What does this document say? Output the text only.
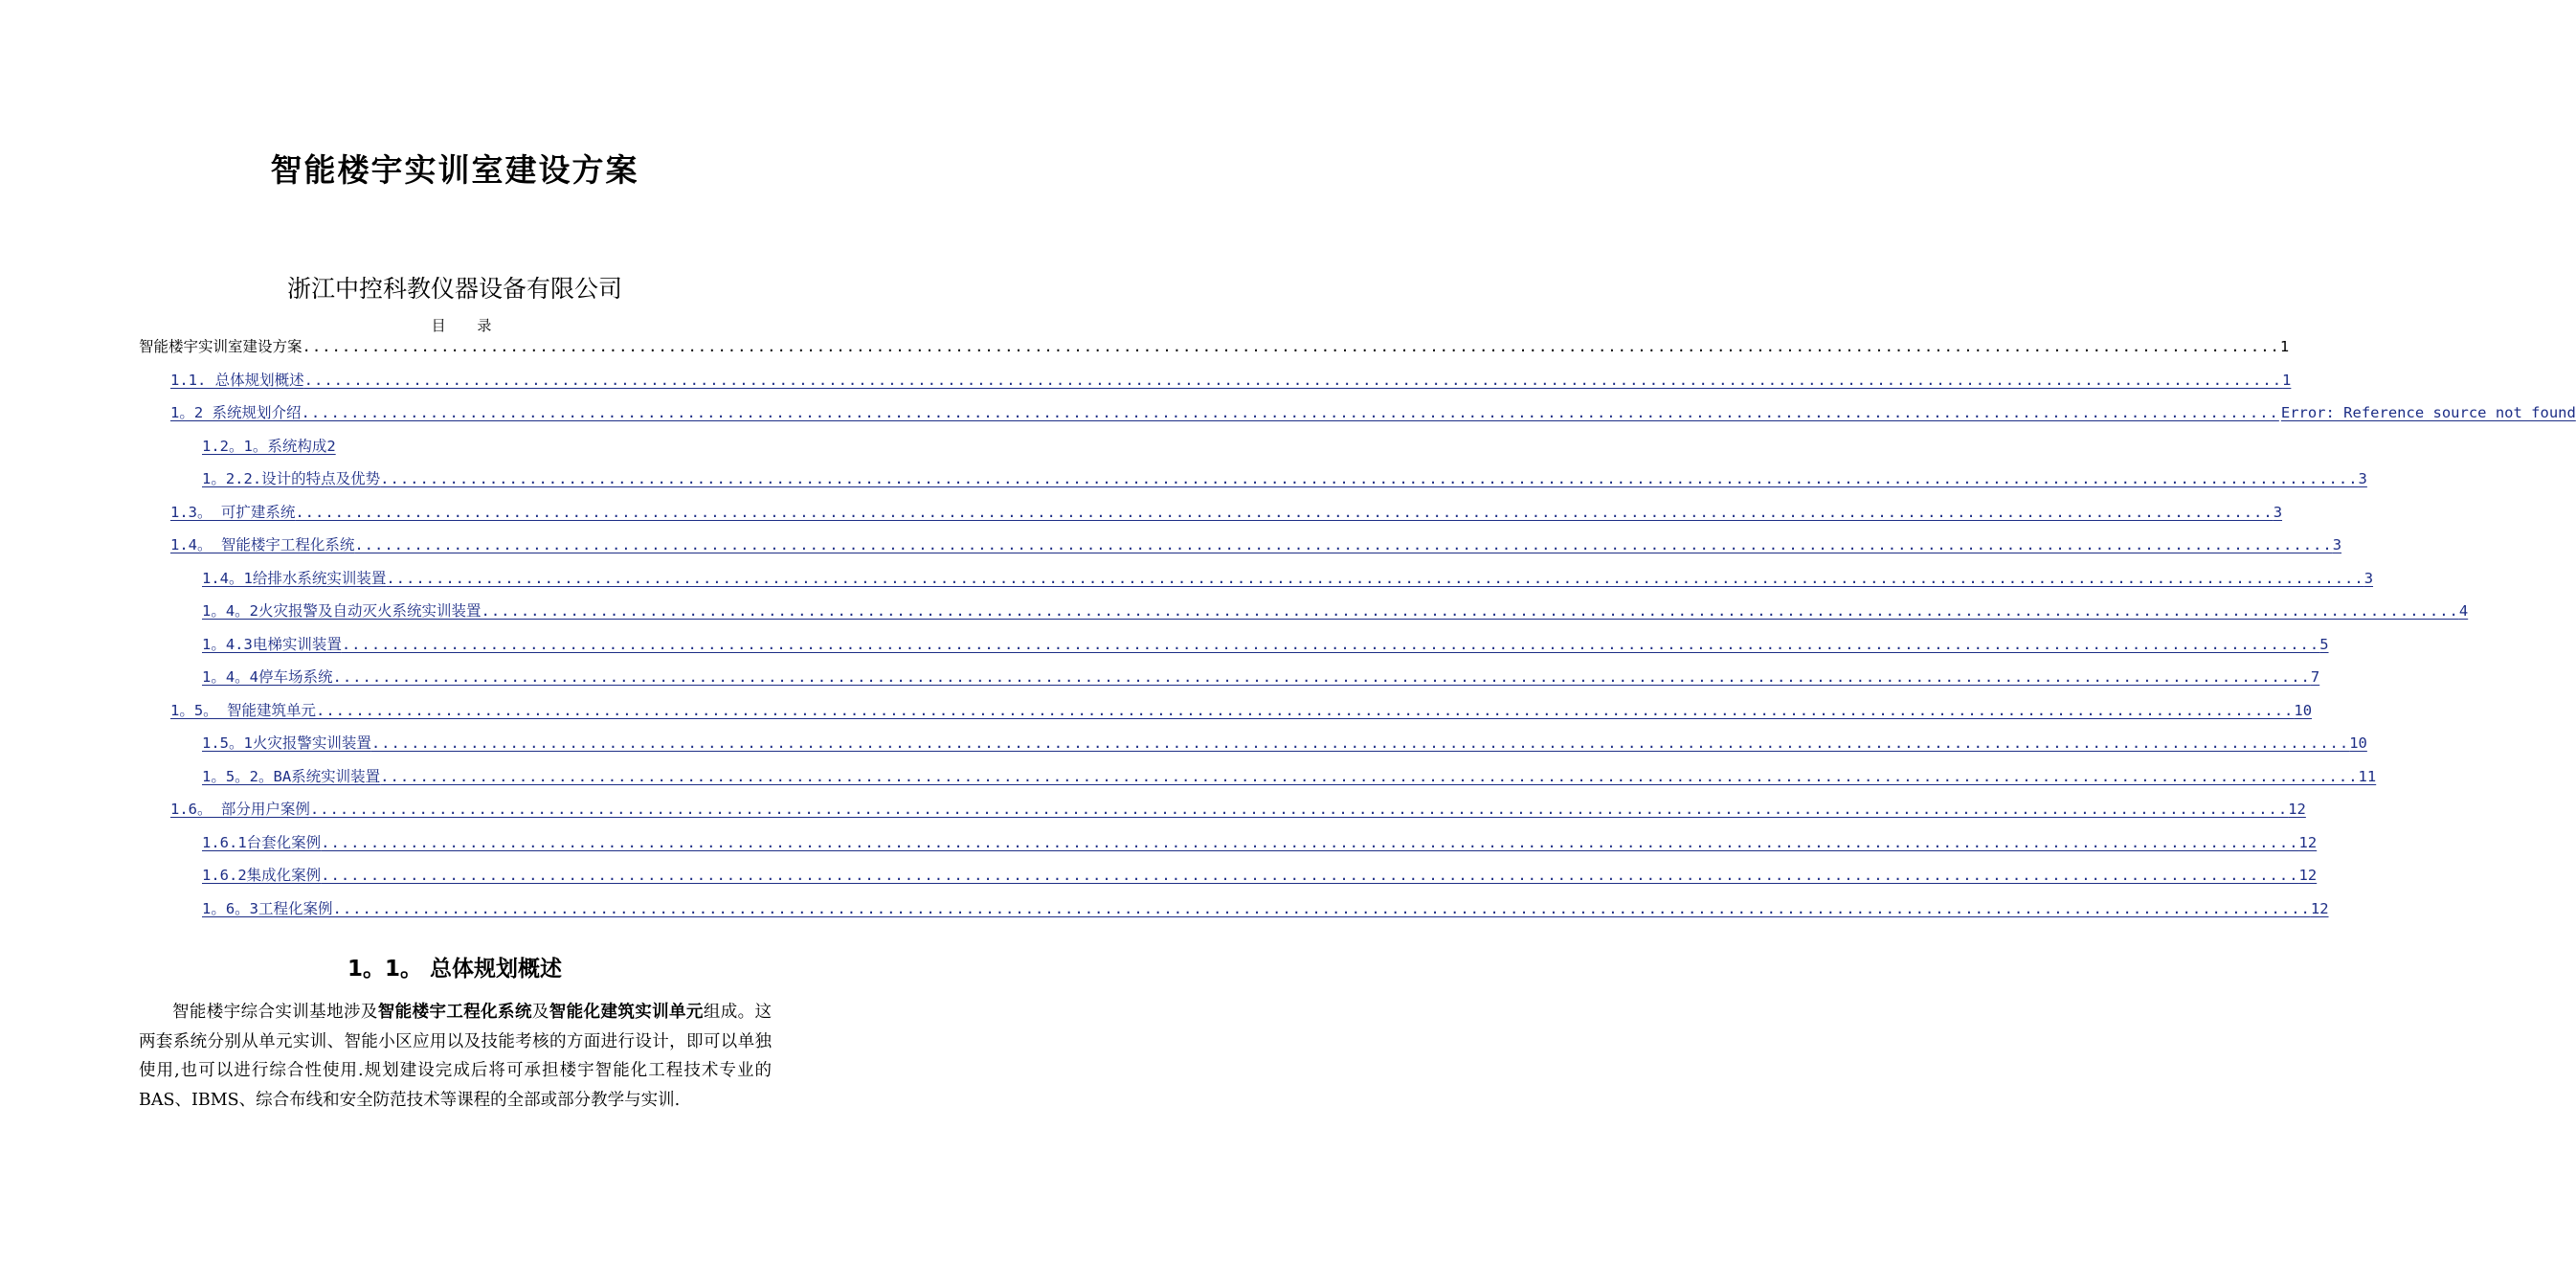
智能楼宇实训室建设方案
浙江中控科教仪器设备有限公司
目 录
智能楼宇实训室建设方案 ........................................................................................................................................................................................................ 1
1.1. 总体规划概述 ........................................................................................................................................................................................................ 1
1。2 系统规划介绍 ........................................................................................................................................................................................................ Error: Reference source not found
1.2。1。系统构成2
1。2.2.设计的特点及优势 ........................................................................................................................................................................................................ 3
1.3。 可扩建系统 ........................................................................................................................................................................................................ 3
1.4。 智能楼宇工程化系统 ........................................................................................................................................................................................................ 3
1.4。1给排水系统实训装置 ........................................................................................................................................................................................................ 3
1。4。2火灾报警及自动灭火系统实训装置 ........................................................................................................................................................................................................ 4
1。4.3电梯实训装置 ........................................................................................................................................................................................................ 5
1。4。4停车场系统 ........................................................................................................................................................................................................ 7
1。5。 智能建筑单元 ........................................................................................................................................................................................................ 10
1.5。1火灾报警实训装置 ........................................................................................................................................................................................................ 10
1。5。2。BA系统实训装置 ........................................................................................................................................................................................................ 11
1.6。 部分用户案例 ........................................................................................................................................................................................................ 12
1.6.1台套化案例 ........................................................................................................................................................................................................ 12
1.6.2集成化案例 ........................................................................................................................................................................................................ 12
1。6。3工程化案例 ........................................................................................................................................................................................................ 12
1。1。 总体规划概述

智能楼宇综合实训基地涉及智能楼宇工程化系统及智能化建筑实训单元组成。这两套系统分别从单元实训、智能小区应用以及技能考核的方面进行设计，即可以单独使用,也可以进行综合性使用.规划建设完成后将可承担楼宇智能化工程技术专业的BAS、IBMS、综合布线和安全防范技术等课程的全部或部分教学与实训.
